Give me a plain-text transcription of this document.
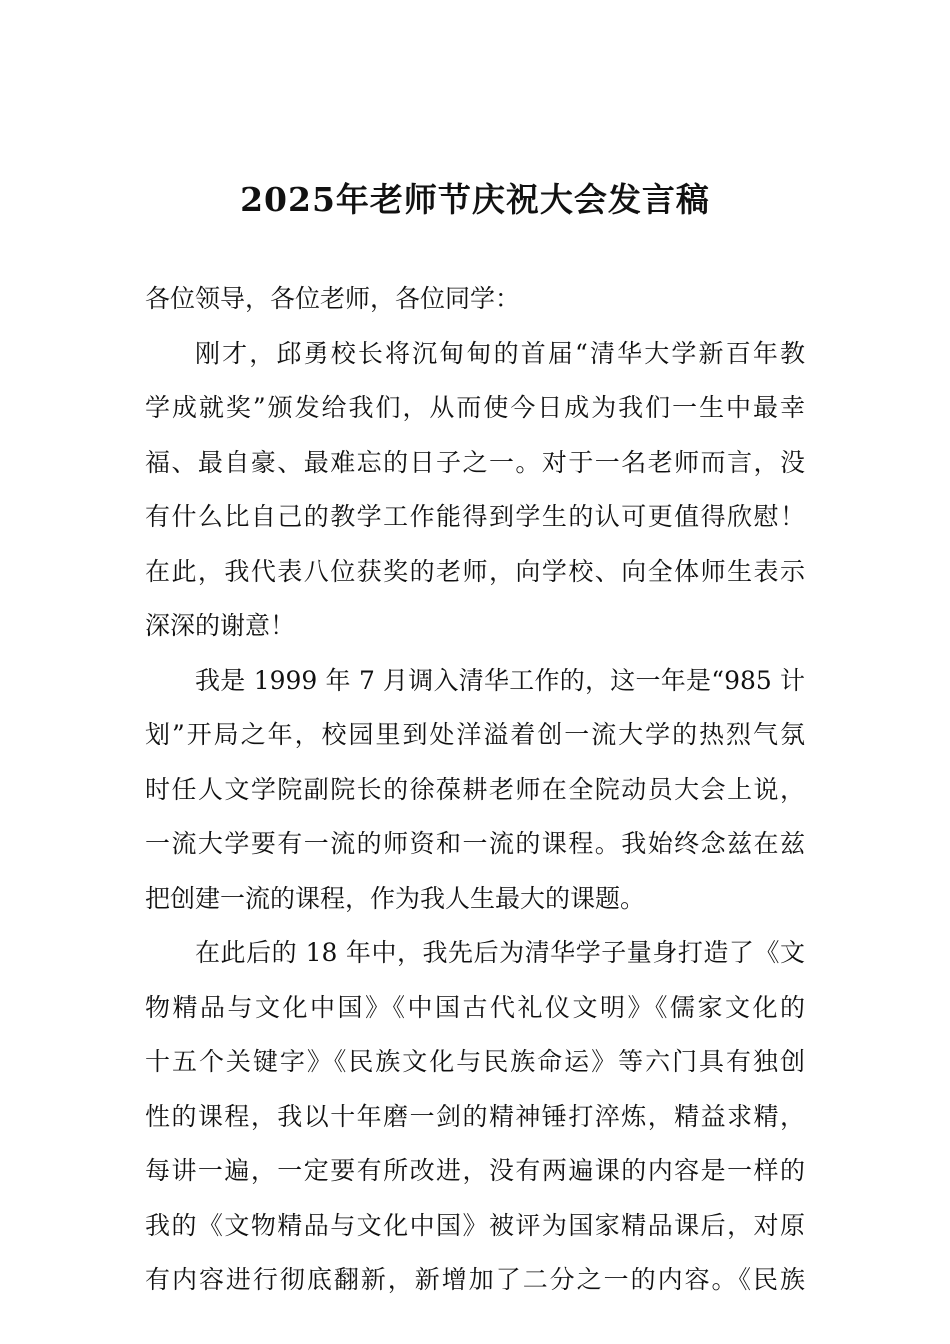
2025年老师节庆祝大会发言稿
各位领导，各位老师，各位同学：
刚才，邱勇校长将沉甸甸的首届“清华大学新百年教
学成就奖”颁发给我们，从而使今日成为我们一生中最幸
福、最自豪、最难忘的日子之一。对于一名老师而言，没
有什么比自己的教学工作能得到学生的认可更值得欣慰！
在此，我代表八位获奖的老师，向学校、向全体师生表示
深深的谢意！
我是 1999 年 7 月调入清华工作的，这一年是“985 计
划”开局之年，校园里到处洋溢着创一流大学的热烈气氛
时任人文学院副院长的徐葆耕老师在全院动员大会上说，
一流大学要有一流的师资和一流的课程。我始终念兹在兹
把创建一流的课程，作为我人生最大的课题。
在此后的 18 年中，我先后为清华学子量身打造了《文
物精品与文化中国》《中国古代礼仪文明》《儒家文化的
十五个关键字》《民族文化与民族命运》等六门具有独创
性的课程，我以十年磨一剑的精神锤打淬炼，精益求精，
每讲一遍，一定要有所改进，没有两遍课的内容是一样的
我的《文物精品与文化中国》被评为国家精品课后，对原
有内容进行彻底翻新，新增加了二分之一的内容。《民族
